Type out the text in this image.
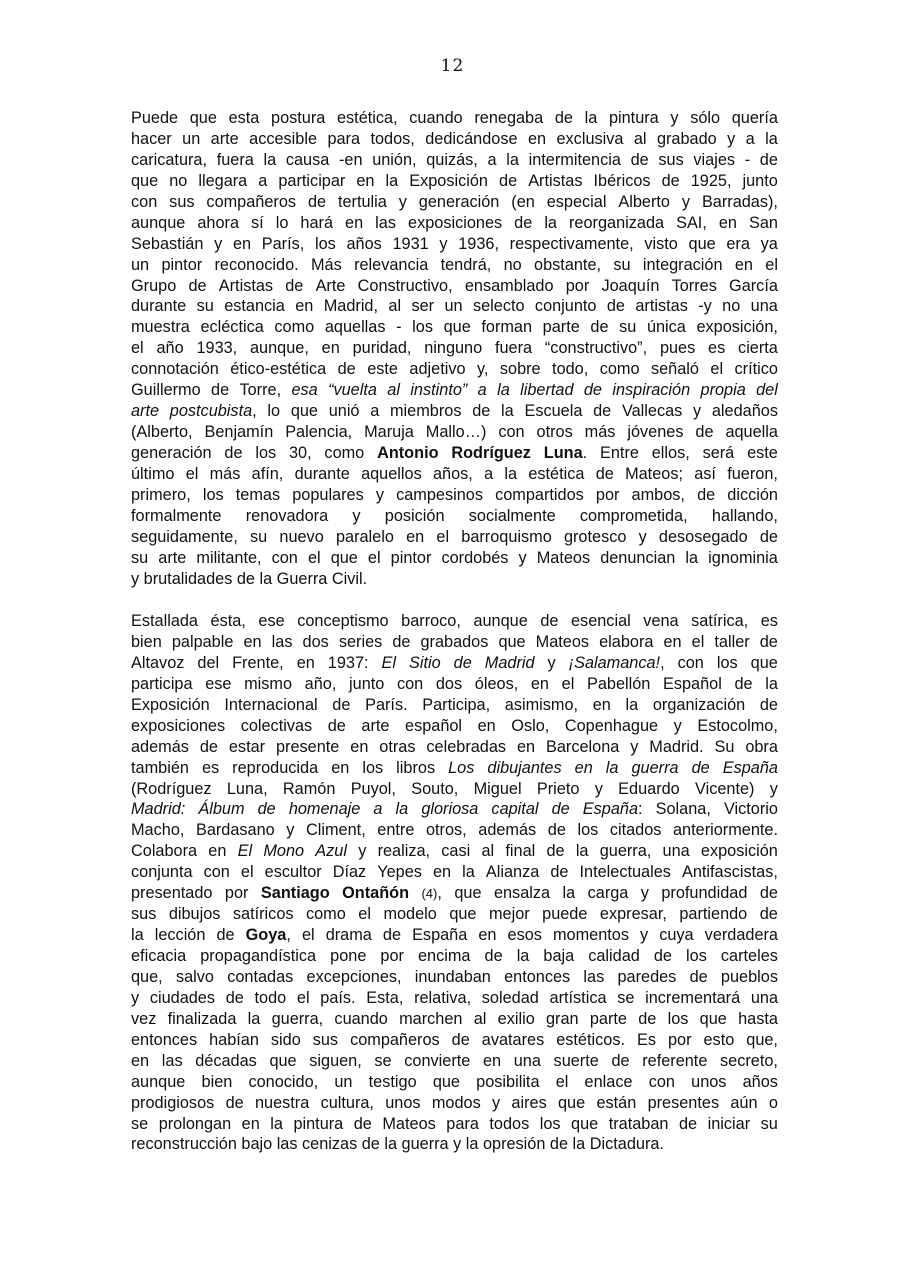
12
Puede que esta postura estética, cuando renegaba de la pintura y sólo quería
hacer un arte accesible para todos, dedicándose en exclusiva al grabado y a la
caricatura, fuera la causa -en unión, quizás, a la intermitencia de sus viajes - de
que no llegara a participar en la Exposición de Artistas Ibéricos de 1925, junto
con sus compañeros de tertulia y generación (en especial Alberto y Barradas),
aunque ahora sí lo hará en las exposiciones de la reorganizada SAI, en San
Sebastián y en París, los años 1931 y 1936, respectivamente, visto que era ya
un pintor reconocido. Más relevancia tendrá, no obstante, su integración en el
Grupo de Artistas de Arte Constructivo, ensamblado por Joaquín Torres García
durante su estancia en Madrid, al ser un selecto conjunto de artistas -y no una
muestra ecléctica como aquellas - los que forman parte de su única exposición,
el año 1933, aunque, en puridad, ninguno fuera “constructivo”, pues es cierta
connotación ético-estética de este adjetivo y, sobre todo, como señaló el crítico
Guillermo de Torre, esa “vuelta al instinto” a la libertad de inspiración propia del
arte postcubista, lo que unió a miembros de la Escuela de Vallecas y aledaños
(Alberto, Benjamín Palencia, Maruja Mallo…) con otros más jóvenes de aquella
generación de los 30, como Antonio Rodríguez Luna. Entre ellos, será este
último el más afín, durante aquellos años, a la estética de Mateos; así fueron,
primero, los temas populares y campesinos compartidos por ambos, de dicción
formalmente renovadora y posición socialmente comprometida, hallando,
seguidamente, su nuevo paralelo en el barroquismo grotesco y desosegado de
su arte militante, con el que el pintor cordobés y Mateos denuncian la ignominia
y brutalidades de la Guerra Civil.
Estallada ésta, ese conceptismo barroco, aunque de esencial vena satírica, es
bien palpable en las dos series de grabados que Mateos elabora en el taller de
Altavoz del Frente, en 1937: El Sitio de Madrid y ¡Salamanca!, con los que
participa ese mismo año, junto con dos óleos, en el Pabellón Español de la
Exposición Internacional de París. Participa, asimismo, en la organización de
exposiciones colectivas de arte español en Oslo, Copenhague y Estocolmo,
además de estar presente en otras celebradas en Barcelona y Madrid. Su obra
también es reproducida en los libros Los dibujantes en la guerra de España
(Rodríguez Luna, Ramón Puyol, Souto, Miguel Prieto y Eduardo Vicente) y
Madrid: Álbum de homenaje a la gloriosa capital de España: Solana, Victorio
Macho, Bardasano y Climent, entre otros, además de los citados anteriormente.
Colabora en El Mono Azul y realiza, casi al final de la guerra, una exposición
conjunta con el escultor Díaz Yepes en la Alianza de Intelectuales Antifascistas,
presentado por Santiago Ontañón (4), que ensalza la carga y profundidad de
sus dibujos satíricos como el modelo que mejor puede expresar, partiendo de
la lección de Goya, el drama de España en esos momentos y cuya verdadera
eficacia propagandística pone por encima de la baja calidad de los carteles
que, salvo contadas excepciones, inundaban entonces las paredes de pueblos
y ciudades de todo el país. Esta, relativa, soledad artística se incrementará una
vez finalizada la guerra, cuando marchen al exilio gran parte de los que hasta
entonces habían sido sus compañeros de avatares estéticos. Es por esto que,
en las décadas que siguen, se convierte en una suerte de referente secreto,
aunque bien conocido, un testigo que posibilita el enlace con unos años
prodigiosos de nuestra cultura, unos modos y aires que están presentes aún o
se prolongan en la pintura de Mateos para todos los que trataban de iniciar su
reconstrucción bajo las cenizas de la guerra y la opresión de la Dictadura.
